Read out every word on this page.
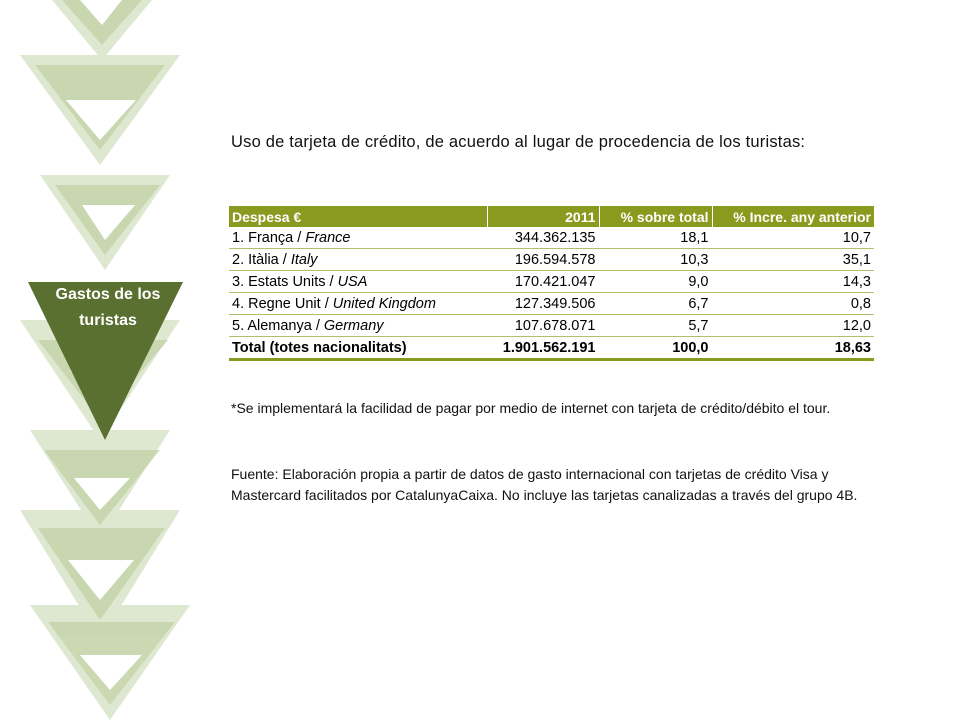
Gastos de los turistas
Uso de tarjeta de crédito, de acuerdo al lugar de procedencia de los turistas:
Despesa €	2011	% sobre total	% Incre. any anterior
1. França / France	344.362.135	18,1	10,7
2. Itàlia / Italy	196.594.578	10,3	35,1
3. Estats Units / USA	170.421.047	9,0	14,3
4. Regne Unit / United Kingdom	127.349.506	6,7	0,8
5. Alemanya / Germany	107.678.071	5,7	12,0
Total (totes nacionalitats)	1.901.562.191	100,0	18,63
*Se implementará la facilidad de pagar por medio de internet con tarjeta de crédito/débito el tour.
Fuente: Elaboración propia a partir de datos de gasto internacional con tarjetas de crédito Visa y Mastercard facilitados por CatalunyaCaixa. No incluye las tarjetas canalizadas a través del grupo 4B.
